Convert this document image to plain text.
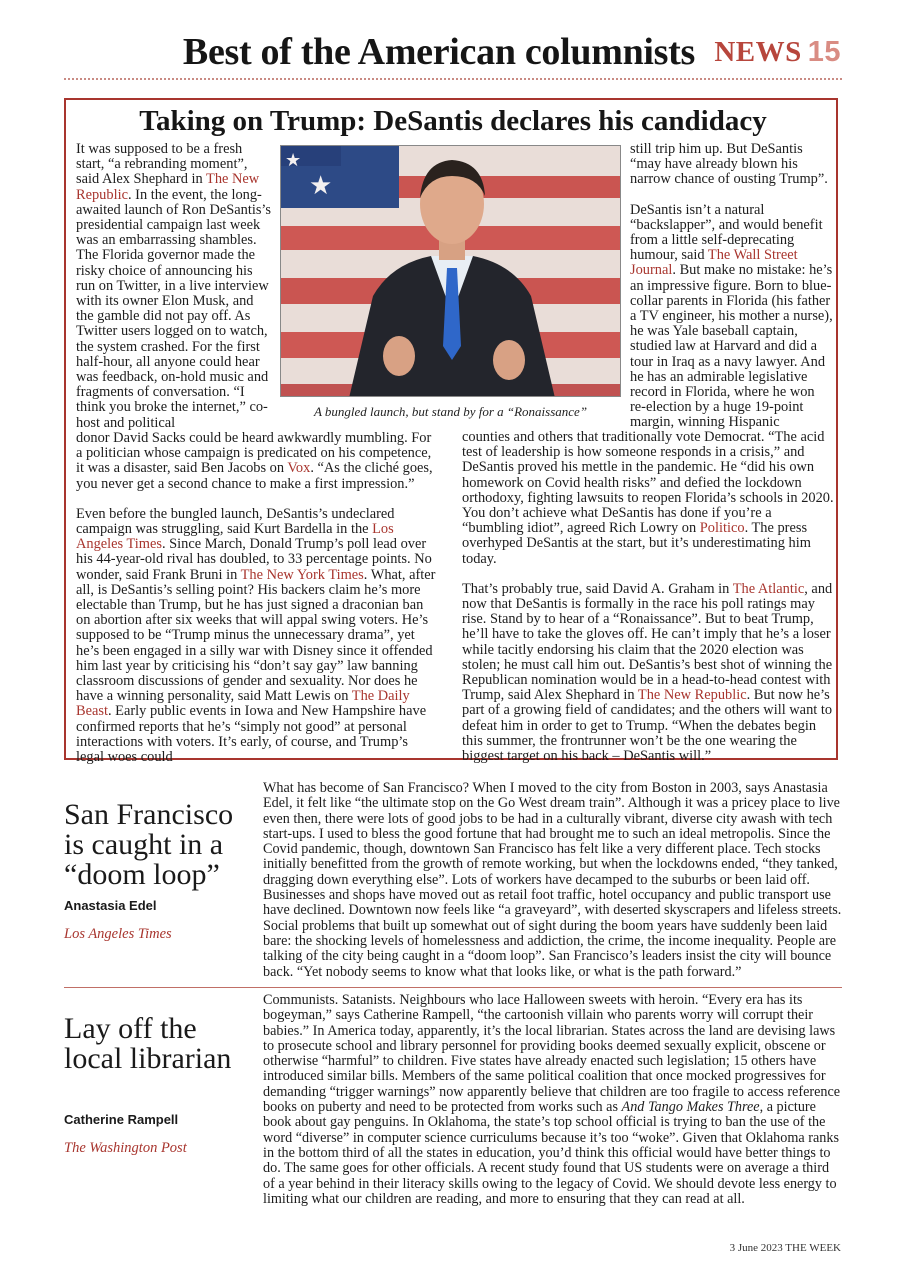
Best of the American columnists NEWS 15
Taking on Trump: DeSantis declares his candidacy

It was supposed to be a fresh start, “a rebranding moment”, said Alex Shephard in The New Republic. In the event, the long-awaited launch of Ron DeSantis’s presidential campaign last week was an embarrassing shambles. The Florida governor made the risky choice of announcing his run on Twitter, in a live interview with its owner Elon Musk, and the gamble did not pay off. As Twitter users logged on to watch, the system crashed. For the first half-hour, all anyone could hear was feedback, on-hold music and fragments of conversation. “I think you broke the internet,” co-host and political

donor David Sacks could be heard awkwardly mumbling. For a politician whose campaign is predicated on his competence, it was a disaster, said Ben Jacobs on Vox. “As the cliché goes, you never get a second chance to make a first impression.”

Even before the bungled launch, DeSantis’s undeclared campaign was struggling, said Kurt Bardella in the Los Angeles Times. Since March, Donald Trump’s poll lead over his 44-year-old rival has doubled, to 33 percentage points. No wonder, said Frank Bruni in The New York Times. What, after all, is DeSantis’s selling point? His backers claim he’s more electable than Trump, but he has just signed a draconian ban on abortion after six weeks that will appal swing voters. He’s supposed to be “Trump minus the unnecessary drama”, yet he’s been engaged in a silly war with Disney since it offended him last year by criticising his “don’t say gay” law banning classroom discussions of gender and sexuality. Nor does he have a winning personality, said Matt Lewis on The Daily Beast. Early public events in Iowa and New Hampshire have confirmed reports that he’s “simply not good” at personal interactions with voters. It’s early, of course, and Trump’s legal woes could

still trip him up. But DeSantis “may have already blown his narrow chance of ousting Trump”.

DeSantis isn’t a natural “backslapper”, and would benefit from a little self-deprecating humour, said The Wall Street Journal. But make no mistake: he’s an impressive figure. Born to blue-collar parents in Florida (his father a TV engineer, his mother a nurse), he was Yale baseball captain, studied law at Harvard and did a tour in Iraq as a navy lawyer. And he has an admirable legislative record in Florida, where he won re-election by a huge 19-point margin, winning Hispanic

counties and others that traditionally vote Democrat. “The acid test of leadership is how someone responds in a crisis,” and DeSantis proved his mettle in the pandemic. He “did his own homework on Covid health risks” and defied the lockdown orthodoxy, fighting lawsuits to reopen Florida’s schools in 2020. You don’t achieve what DeSantis has done if you’re a “bumbling idiot”, agreed Rich Lowry on Politico. The press overhyped DeSantis at the start, but it’s underestimating him today.

That’s probably true, said David A. Graham in The Atlantic, and now that DeSantis is formally in the race his poll ratings may rise. Stand by to hear of a “Ronaissance”. But to beat Trump, he’ll have to take the gloves off. He can’t imply that he’s a loser while tacitly endorsing his claim that the 2020 election was stolen; he must call him out. DeSantis’s best shot of winning the Republican nomination would be in a head-to-head contest with Trump, said Alex Shephard in The New Republic. But now he’s part of a growing field of candidates; and the others will want to defeat him in order to get to Trump. “When the debates begin this summer, the frontrunner won’t be the one wearing the biggest target on his back – DeSantis will.”

★
★
A bungled launch, but stand by for a “Ronaissance”
San Francisco is caught in a “doom loop”
Anastasia Edel
Los Angeles Times
What has become of San Francisco? When I moved to the city from Boston in 2003, says Anastasia Edel, it felt like “the ultimate stop on the Go West dream train”. Although it was a pricey place to live even then, there were lots of good jobs to be had in a culturally vibrant, diverse city awash with tech start-ups. I used to bless the good fortune that had brought me to such an ideal metropolis. Since the Covid pandemic, though, downtown San Francisco has felt like a very different place. Tech stocks initially benefitted from the growth of remote working, but when the lockdowns ended, “they tanked, dragging down everything else”. Lots of workers have decamped to the suburbs or been laid off. Businesses and shops have moved out as retail foot traffic, hotel occupancy and public transport use have declined. Downtown now feels like “a graveyard”, with deserted skyscrapers and lifeless streets. Social problems that built up somewhat out of sight during the boom years have suddenly been laid bare: the shocking levels of homelessness and addiction, the crime, the income inequality. People are talking of the city being caught in a “doom loop”. San Francisco’s leaders insist the city will bounce back. “Yet nobody seems to know what that looks like, or what is the path forward.”
Lay off the local librarian
Catherine Rampell
The Washington Post
Communists. Satanists. Neighbours who lace Halloween sweets with heroin. “Every era has its bogeyman,” says Catherine Rampell, “the cartoonish villain who parents worry will corrupt their babies.” In America today, apparently, it’s the local librarian. States across the land are devising laws to prosecute school and library personnel for providing books deemed sexually explicit, obscene or otherwise “harmful” to children. Five states have already enacted such legislation; 15 others have introduced similar bills. Members of the same political coalition that once mocked progressives for demanding “trigger warnings” now apparently believe that children are too fragile to access reference books on puberty and need to be protected from works such as And Tango Makes Three, a picture book about gay penguins. In Oklahoma, the state’s top school official is trying to ban the use of the word “diverse” in computer science curriculums because it’s too “woke”. Given that Oklahoma ranks in the bottom third of all the states in education, you’d think this official would have better things to do. The same goes for other officials. A recent study found that US students were on average a third of a year behind in their literacy skills owing to the legacy of Covid. We should devote less energy to limiting what our children are reading, and more to ensuring that they can read at all.
3 June 2023 THE WEEK
